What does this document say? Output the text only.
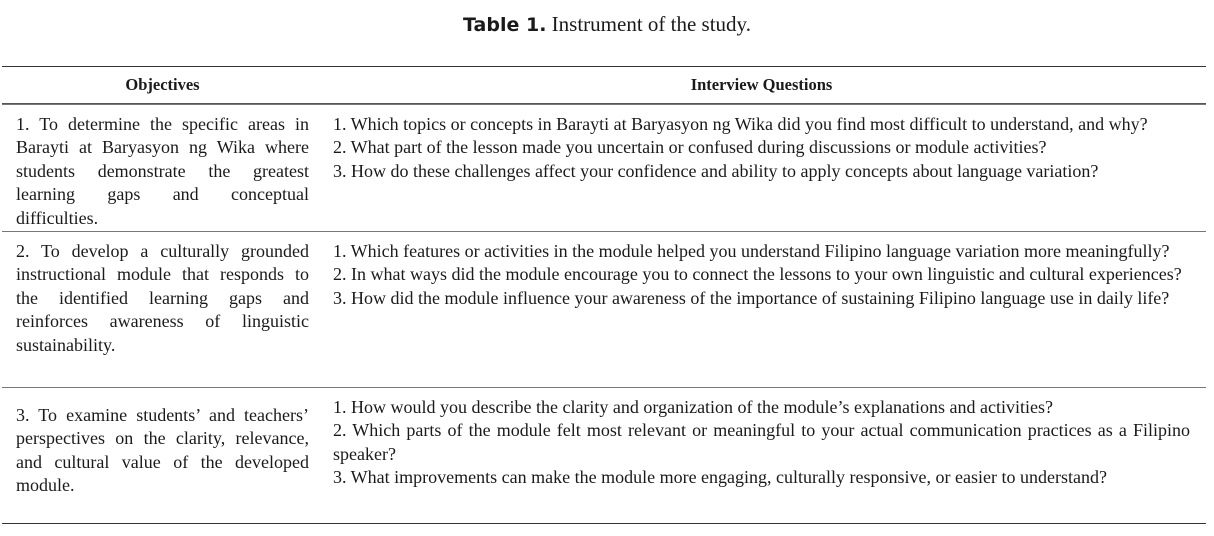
Table 1. Instrument of the study.
Objectives	Interview Questions
1. To determine the specific areas in Barayti at Baryasyon ng Wika where students demonstrate the greatest learning gaps and conceptual difficulties.
1. Which topics or concepts in Barayti at Baryasyon ng Wika did you find most difficult to understand, and why?
2. What part of the lesson made you uncertain or confused during discussions or module activities?
3. How do these challenges affect your confidence and ability to apply concepts about language variation?
2. To develop a culturally grounded instructional module that responds to the identified learning gaps and reinforces awareness of linguistic sustainability.
1. Which features or activities in the module helped you understand Filipino language variation more meaningfully?
2. In what ways did the module encourage you to connect the lessons to your own linguistic and cultural experiences?
3. How did the module influence your awareness of the importance of sustaining Filipino language use in daily life?
3. To examine students’ and teachers’ perspectives on the clarity, relevance, and cultural value of the developed module.
1. How would you describe the clarity and organization of the module’s explanations and activities?
2. Which parts of the module felt most relevant or meaningful to your actual communication practices as a Filipino speaker?
3. What improvements can make the module more engaging, culturally responsive, or easier to understand?
